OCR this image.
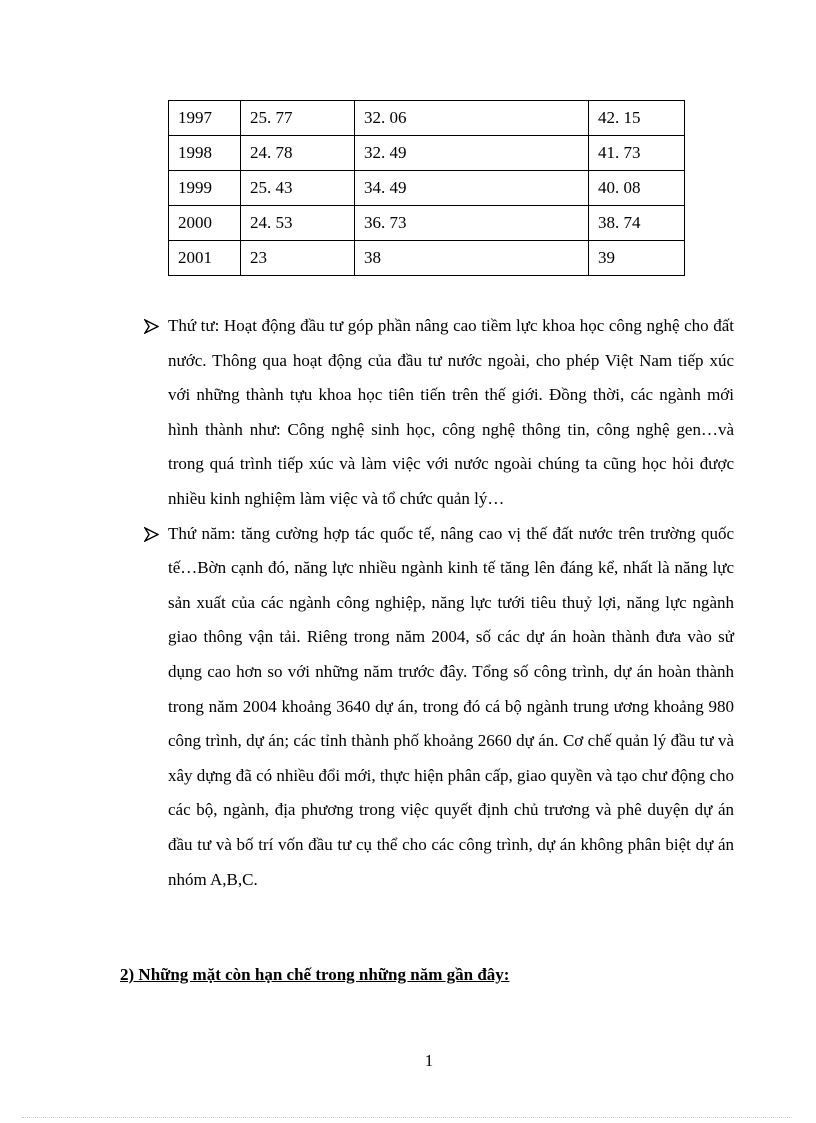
1997	25. 77	32. 06	42. 15
1998	24. 78	32. 49	41. 73
1999	25. 43	34. 49	40. 08
2000	24. 53	36. 73	38. 74
2001	23	38	39
Thứ tư: Hoạt động đầu tư góp phần nâng cao tiềm lực khoa học công nghệ cho đất nước. Thông qua hoạt động của đầu tư nước ngoài, cho phép Việt Nam tiếp xúc với những thành tựu khoa học tiên tiến trên thế giới. Đồng thời, các ngành mới hình thành như: Công nghệ sinh học, công nghệ thông tin, công nghệ gen…và trong quá trình tiếp xúc và làm việc với nước ngoài chúng ta cũng học hỏi được nhiều kinh nghiệm làm việc và tổ chức quản lý…
Thứ năm: tăng cường hợp tác quốc tế, nâng cao vị thế đất nước trên trường quốc tế…Bờn cạnh đó, năng lực nhiều ngành kinh tế tăng lên đáng kể, nhất là năng lực sản xuất của các ngành công nghiệp, năng lực tưới tiêu thuỷ lợi, năng lực ngành giao thông vận tải. Riêng trong năm 2004, số các dự án hoàn thành đưa vào sử dụng cao hơn so với những năm trước đây. Tổng số công trình, dự án hoàn thành trong năm 2004 khoảng 3640 dự án, trong đó cá bộ ngành trung ương khoảng 980 công trình, dự án; các tỉnh thành phố khoảng 2660 dự án. Cơ chế quản lý đầu tư và xây dựng đã có nhiều đổi mới, thực hiện phân cấp, giao quyền và tạo chư động cho các bộ, ngành, địa phương trong việc quyết định chủ trương và phê duyện dự án đầu tư và bố trí vốn đầu tư cụ thể cho các công trình, dự án không phân biệt dự án nhóm A,B,C.

2) Những mặt còn hạn chế trong những năm gần đây:

1
